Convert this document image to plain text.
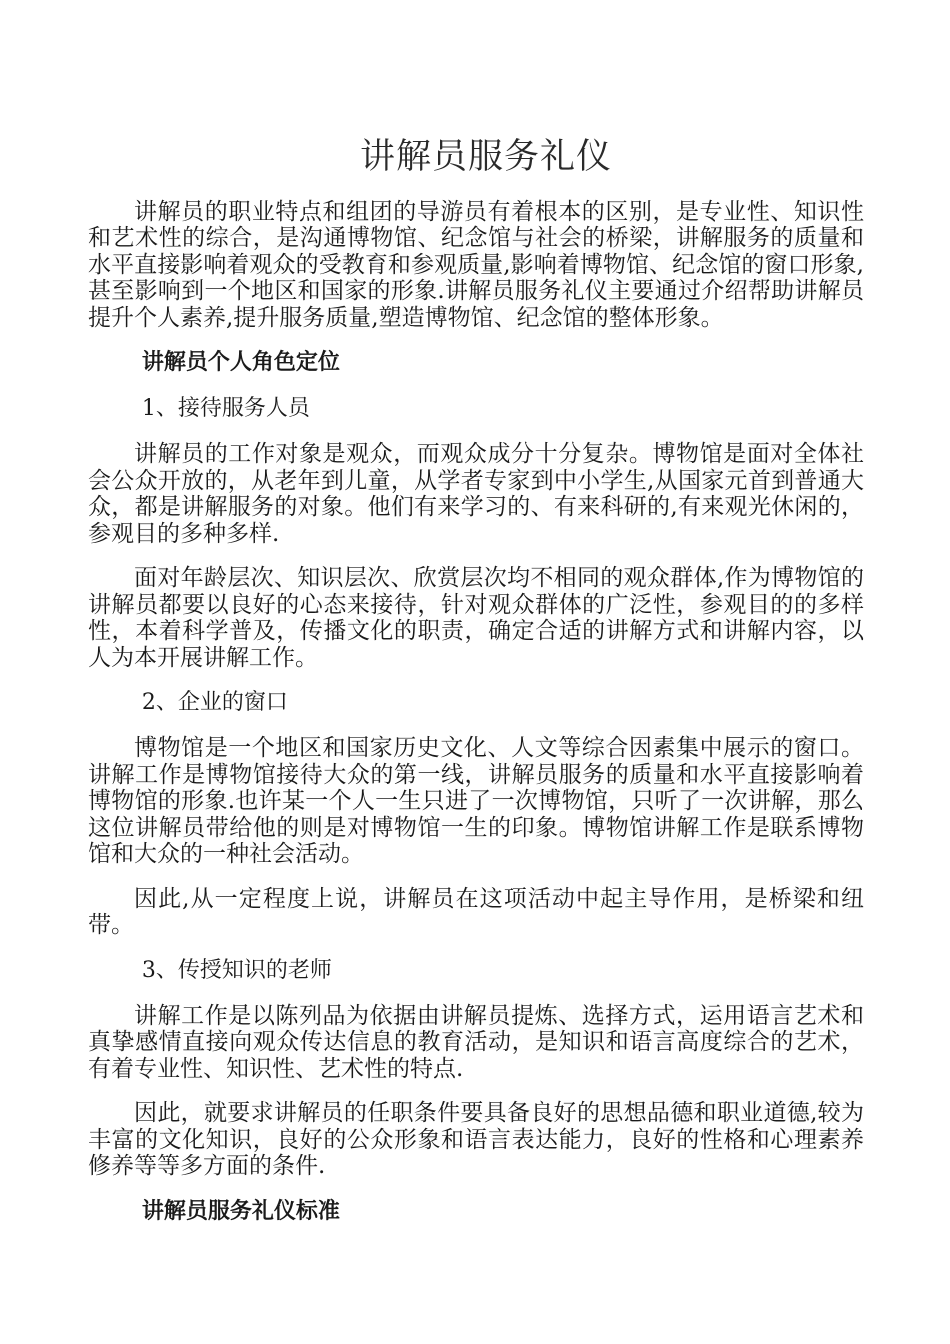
讲解员服务礼仪

讲解员的职业特点和组团的导游员有着根本的区别，是专业性、知识性和艺术性的综合，是沟通博物馆、纪念馆与社会的桥梁，讲解服务的质量和水平直接影响着观众的受教育和参观质量,影响着博物馆、纪念馆的窗口形象,甚至影响到一个地区和国家的形象.讲解员服务礼仪主要通过介绍帮助讲解员提升个人素养,提升服务质量,塑造博物馆、纪念馆的整体形象。

讲解员个人角色定位

1、接待服务人员

讲解员的工作对象是观众，而观众成分十分复杂。博物馆是面对全体社会公众开放的，从老年到儿童，从学者专家到中小学生,从国家元首到普通大众，都是讲解服务的对象。他们有来学习的、有来科研的,有来观光休闲的，参观目的多种多样.

面对年龄层次、知识层次、欣赏层次均不相同的观众群体,作为博物馆的讲解员都要以良好的心态来接待，针对观众群体的广泛性，参观目的的多样性，本着科学普及，传播文化的职责，确定合适的讲解方式和讲解内容，以人为本开展讲解工作。

2、企业的窗口

博物馆是一个地区和国家历史文化、人文等综合因素集中展示的窗口。讲解工作是博物馆接待大众的第一线，讲解员服务的质量和水平直接影响着博物馆的形象.也许某一个人一生只进了一次博物馆，只听了一次讲解，那么这位讲解员带给他的则是对博物馆一生的印象。博物馆讲解工作是联系博物馆和大众的一种社会活动。

因此,从一定程度上说，讲解员在这项活动中起主导作用，是桥梁和纽带。

3、传授知识的老师

讲解工作是以陈列品为依据由讲解员提炼、选择方式，运用语言艺术和真挚感情直接向观众传达信息的教育活动，是知识和语言高度综合的艺术，有着专业性、知识性、艺术性的特点.

因此，就要求讲解员的任职条件要具备良好的思想品德和职业道德,较为丰富的文化知识，良好的公众形象和语言表达能力，良好的性格和心理素养修养等等多方面的条件.

讲解员服务礼仪标准
